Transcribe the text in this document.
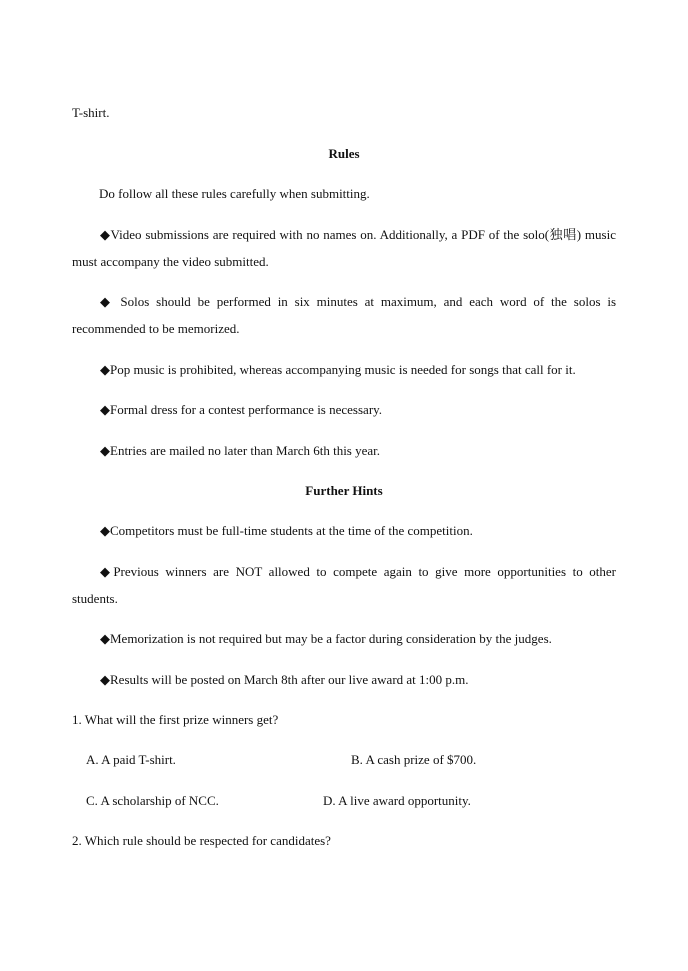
T-shirt.
Rules
Do follow all these rules carefully when submitting.
◆Video submissions are required with no names on. Additionally, a PDF of the solo(独唱) music must accompany the video submitted.
◆ Solos should be performed in six minutes at maximum, and each word of the solos is recommended to be memorized.
◆Pop music is prohibited, whereas accompanying music is needed for songs that call for it.
◆Formal dress for a contest performance is necessary.
◆Entries are mailed no later than March 6th this year.
Further Hints
◆Competitors must be full-time students at the time of the competition.
◆Previous winners are NOT allowed to compete again to give more opportunities to other students.
◆Memorization is not required but may be a factor during consideration by the judges.
◆Results will be posted on March 8th after our live award at 1:00 p.m.
1. What will the first prize winners get?
A. A paid T-shirt.	B. A cash prize of $700.
C. A scholarship of NCC.	D. A live award opportunity.
2. Which rule should be respected for candidates?
